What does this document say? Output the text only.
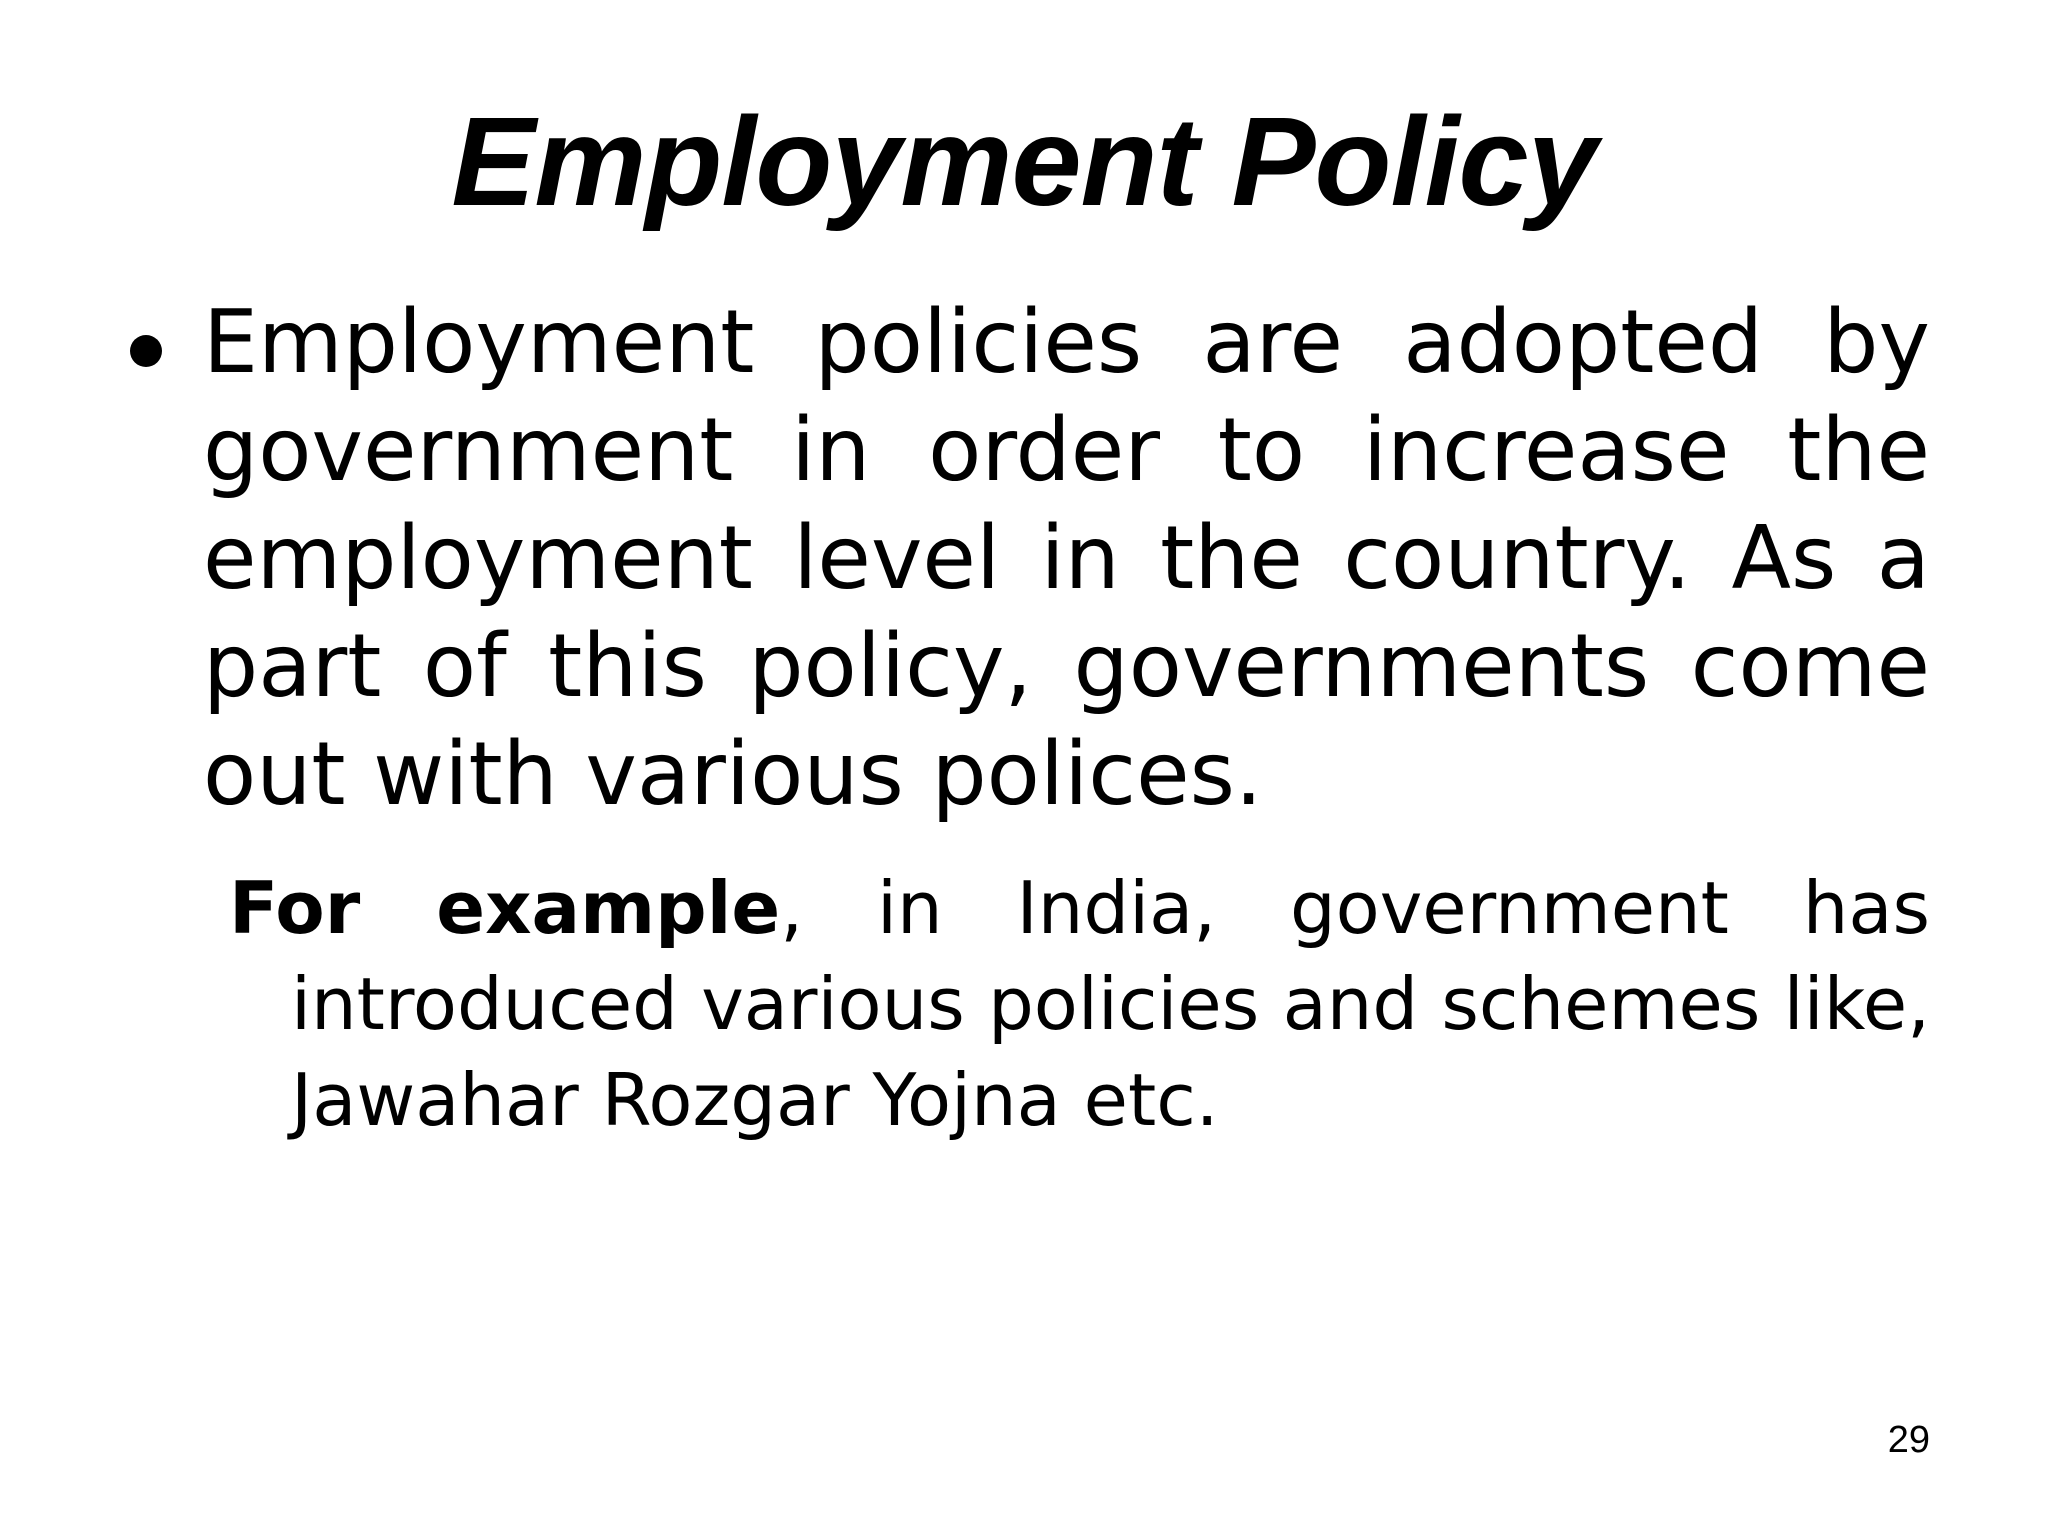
Employment Policy

Employment policies are adopted by government in order to increase the employment level in the country. As a part of this policy, governments come out with various polices.

For example, in India, government has introduced various policies and schemes like, Jawahar Rozgar Yojna etc.

29
